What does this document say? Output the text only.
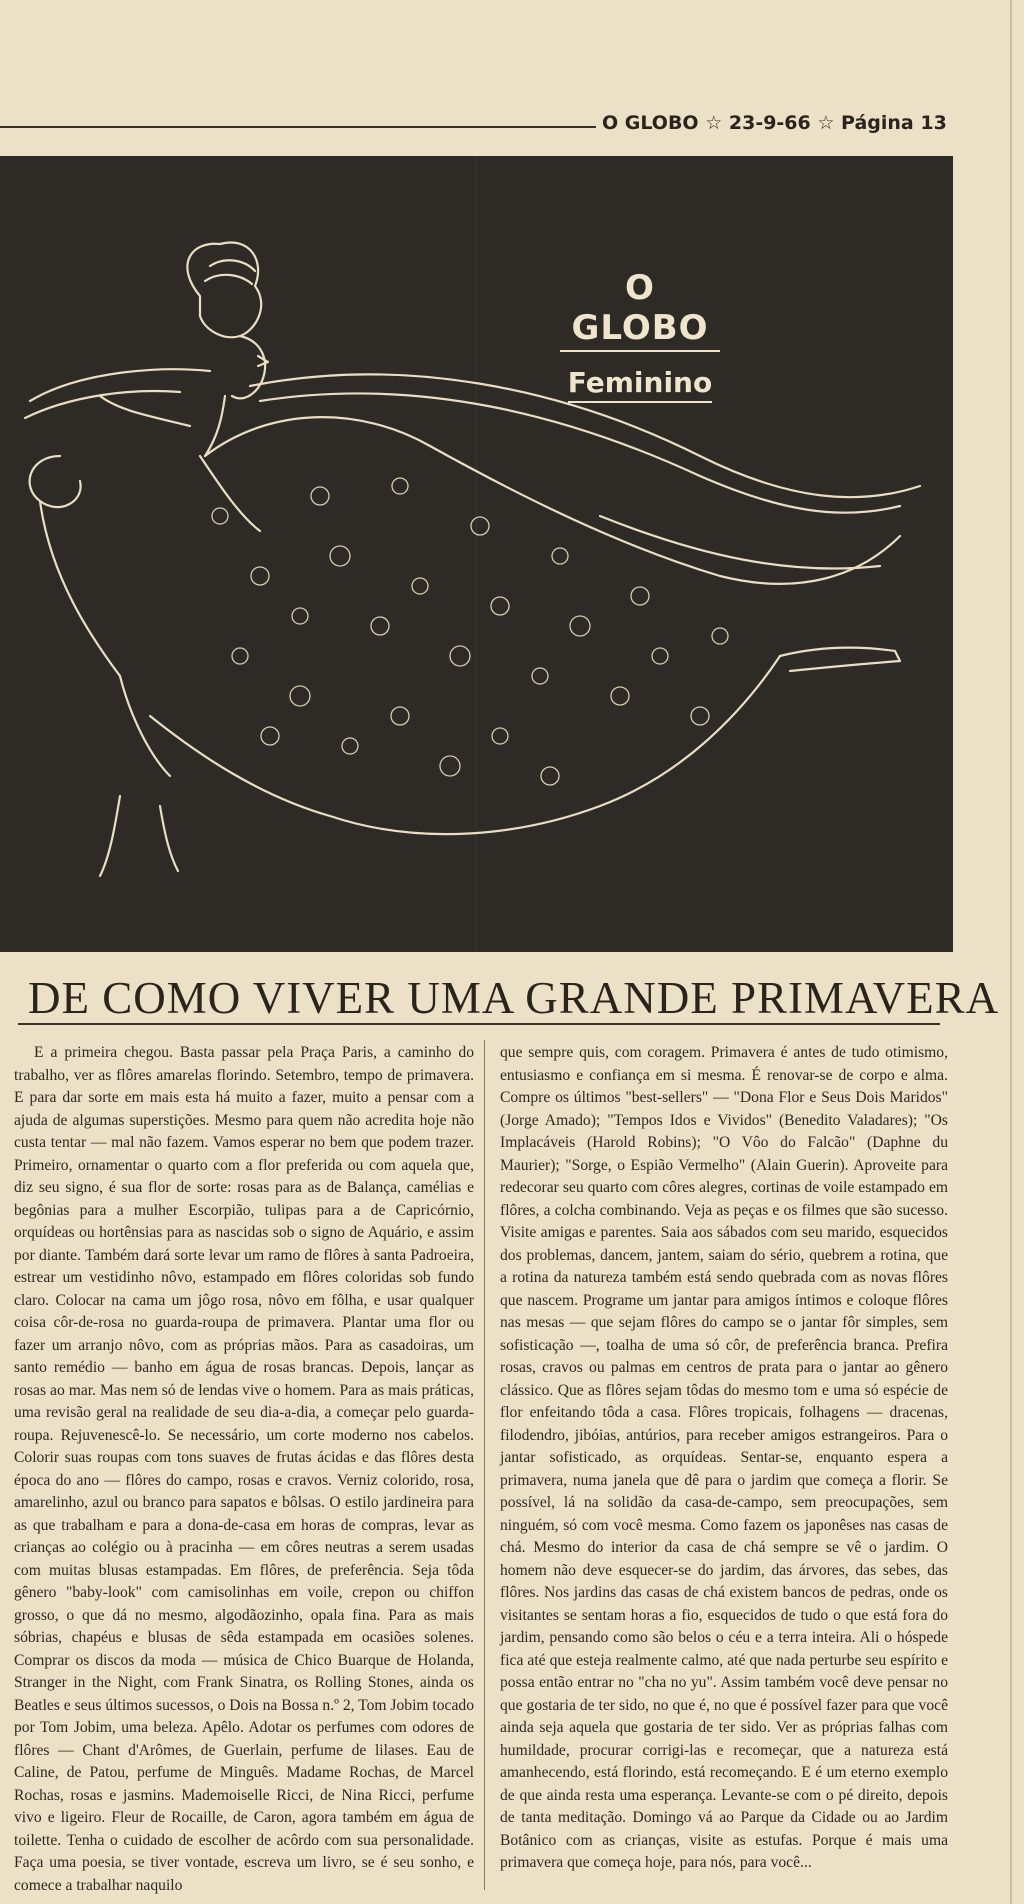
O GLOBO ☆ 23-9-66 ☆ Página 13
O GLOBO
Feminino
DE COMO VIVER UMA GRANDE PRIMAVERA

E a primeira chegou. Basta passar pela Praça Paris, a caminho do trabalho, ver as flôres amarelas florindo. Setembro, tempo de primavera. E para dar sorte em mais esta há muito a fazer, muito a pensar com a ajuda de algumas superstições. Mesmo para quem não acredita hoje não custa tentar — mal não fazem. Vamos esperar no bem que podem trazer. Primeiro, ornamentar o quarto com a flor preferida ou com aquela que, diz seu signo, é sua flor de sorte: rosas para as de Balança, camélias e begônias para a mulher Escorpião, tulipas para a de Capricórnio, orquídeas ou hortênsias para as nascidas sob o signo de Aquário, e assim por diante. Também dará sorte levar um ramo de flôres à santa Padroeira, estrear um vestidinho nôvo, estampado em flôres coloridas sob fundo claro. Colocar na cama um jôgo rosa, nôvo em fôlha, e usar qualquer coisa côr-de-rosa no guarda-roupa de primavera. Plantar uma flor ou fazer um arranjo nôvo, com as próprias mãos. Para as casadoiras, um santo remédio — banho em água de rosas brancas. Depois, lançar as rosas ao mar. Mas nem só de lendas vive o homem. Para as mais práticas, uma revisão geral na realidade de seu dia-a-dia, a começar pelo guarda-roupa. Rejuvenescê-lo. Se necessário, um corte moderno nos cabelos. Colorir suas roupas com tons suaves de frutas ácidas e das flôres desta época do ano — flôres do campo, rosas e cravos. Verniz colorido, rosa, amarelinho, azul ou branco para sapatos e bôlsas. O estilo jardineira para as que trabalham e para a dona-de-casa em horas de compras, levar as crianças ao colégio ou à pracinha — em côres neutras a serem usadas com muitas blusas estampadas. Em flôres, de preferência. Seja tôda gênero "baby-look" com camisolinhas em voile, crepon ou chiffon grosso, o que dá no mesmo, algodãozinho, opala fina. Para as mais sóbrias, chapéus e blusas de sêda estampada em ocasiões solenes. Comprar os discos da moda — música de Chico Buarque de Holanda, Stranger in the Night, com Frank Sinatra, os Rolling Stones, ainda os Beatles e seus últimos sucessos, o Dois na Bossa n.º 2, Tom Jobim tocado por Tom Jobim, uma beleza. Apêlo. Adotar os perfumes com odores de flôres — Chant d'Arômes, de Guerlain, perfume de lilases. Eau de Caline, de Patou, perfume de Minguês. Madame Rochas, de Marcel Rochas, rosas e jasmins. Mademoiselle Ricci, de Nina Ricci, perfume vivo e ligeiro. Fleur de Rocaille, de Caron, agora também em água de toilette. Tenha o cuidado de escolher de acôrdo com sua personalidade. Faça uma poesia, se tiver vontade, escreva um livro, se é seu sonho, e comece a trabalhar naquilo

que sempre quis, com coragem. Primavera é antes de tudo otimismo, entusiasmo e confiança em si mesma. É renovar-se de corpo e alma. Compre os últimos "best-sellers" — "Dona Flor e Seus Dois Maridos" (Jorge Amado); "Tempos Idos e Vividos" (Benedito Valadares); "Os Implacáveis (Harold Robins); "O Vôo do Falcão" (Daphne du Maurier); "Sorge, o Espião Vermelho" (Alain Guerin). Aproveite para redecorar seu quarto com côres alegres, cortinas de voile estampado em flôres, a colcha combinando. Veja as peças e os filmes que são sucesso. Visite amigas e parentes. Saia aos sábados com seu marido, esquecidos dos problemas, dancem, jantem, saiam do sério, quebrem a rotina, que a rotina da natureza também está sendo quebrada com as novas flôres que nascem. Programe um jantar para amigos íntimos e coloque flôres nas mesas — que sejam flôres do campo se o jantar fôr simples, sem sofisticação —, toalha de uma só côr, de preferência branca. Prefira rosas, cravos ou palmas em centros de prata para o jantar ao gênero clássico. Que as flôres sejam tôdas do mesmo tom e uma só espécie de flor enfeitando tôda a casa. Flôres tropicais, folhagens — dracenas, filodendro, jibóias, antúrios, para receber amigos estrangeiros. Para o jantar sofisticado, as orquídeas. Sentar-se, enquanto espera a primavera, numa janela que dê para o jardim que começa a florir. Se possível, lá na solidão da casa-de-campo, sem preocupações, sem ninguém, só com você mesma. Como fazem os japonêses nas casas de chá. Mesmo do interior da casa de chá sempre se vê o jardim. O homem não deve esquecer-se do jardim, das árvores, das sebes, das flôres. Nos jardins das casas de chá existem bancos de pedras, onde os visitantes se sentam horas a fio, esquecidos de tudo o que está fora do jardim, pensando como são belos o céu e a terra inteira. Ali o hóspede fica até que esteja realmente calmo, até que nada perturbe seu espírito e possa então entrar no "cha no yu". Assim também você deve pensar no que gostaria de ter sido, no que é, no que é possível fazer para que você ainda seja aquela que gostaria de ter sido. Ver as próprias falhas com humildade, procurar corrigi-las e recomeçar, que a natureza está amanhecendo, está florindo, está recomeçando. E é um eterno exemplo de que ainda resta uma esperança. Levante-se com o pé direito, depois de tanta meditação. Domingo vá ao Parque da Cidade ou ao Jardim Botânico com as crianças, visite as estufas. Porque é mais uma primavera que começa hoje, para nós, para você...
